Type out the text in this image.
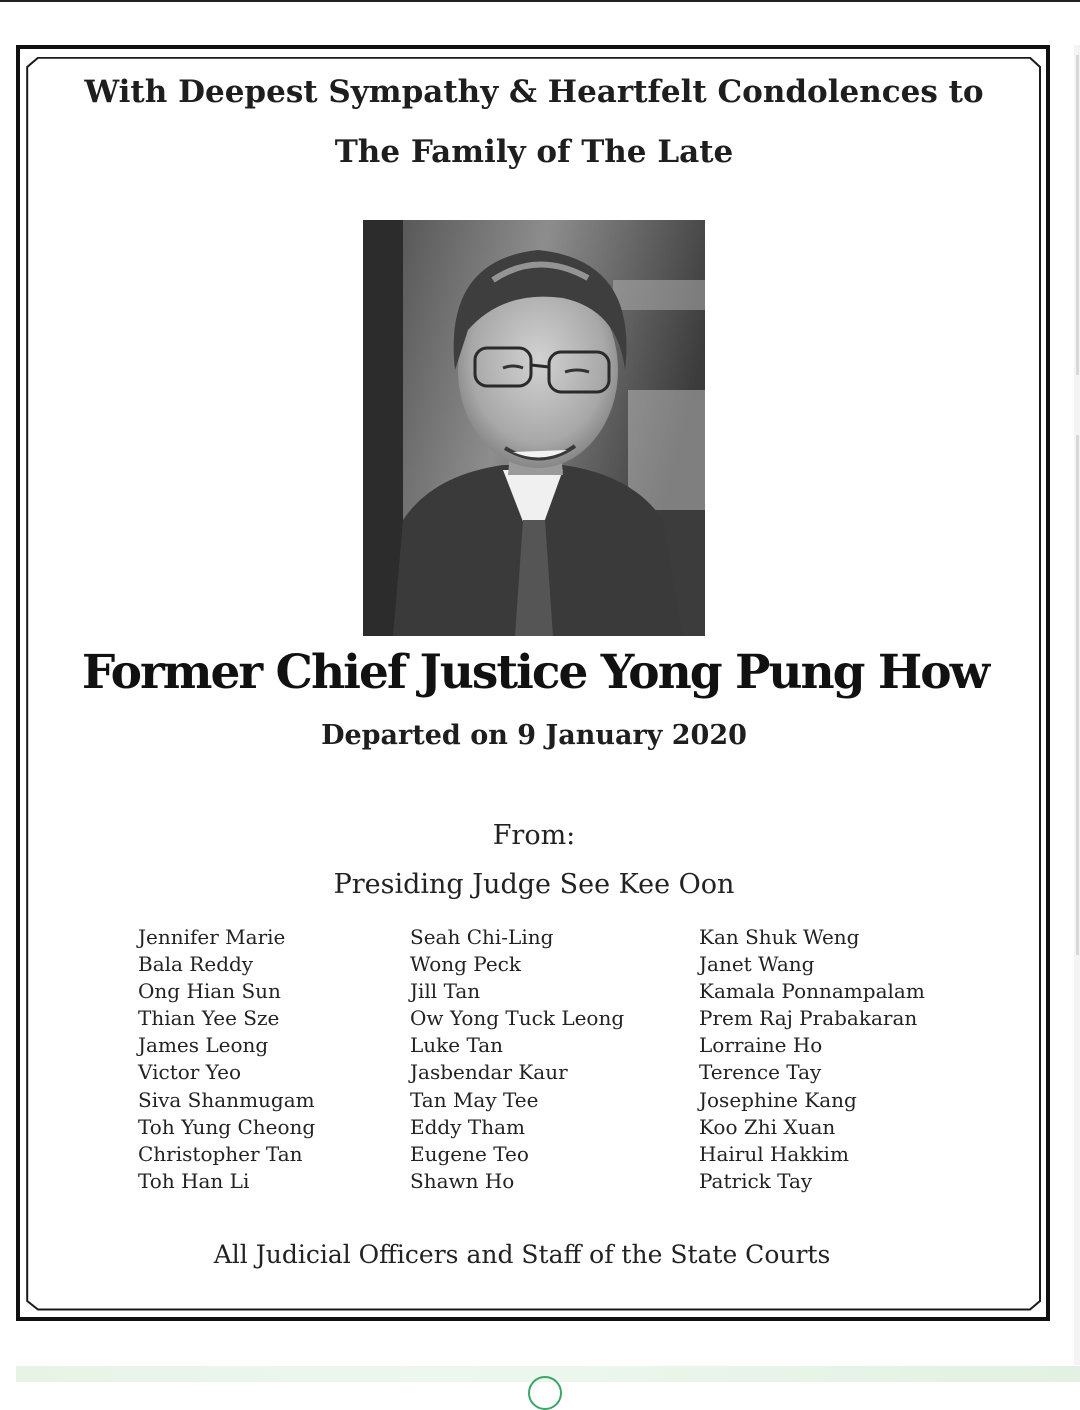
With Deepest Sympathy & Heartfelt Condolences to
The Family of The Late
Former Chief Justice Yong Pung How
Departed on 9 January 2020
From:
Presiding Judge See Kee Oon
Jennifer Marie
Bala Reddy
Ong Hian Sun
Thian Yee Sze
James Leong
Victor Yeo
Siva Shanmugam
Toh Yung Cheong
Christopher Tan
Toh Han Li
Seah Chi-Ling
Wong Peck
Jill Tan
Ow Yong Tuck Leong
Luke Tan
Jasbendar Kaur
Tan May Tee
Eddy Tham
Eugene Teo
Shawn Ho
Kan Shuk Weng
Janet Wang
Kamala Ponnampalam
Prem Raj Prabakaran
Lorraine Ho
Terence Tay
Josephine Kang
Koo Zhi Xuan
Hairul Hakkim
Patrick Tay
All Judicial Officers and Staff of the State Courts
